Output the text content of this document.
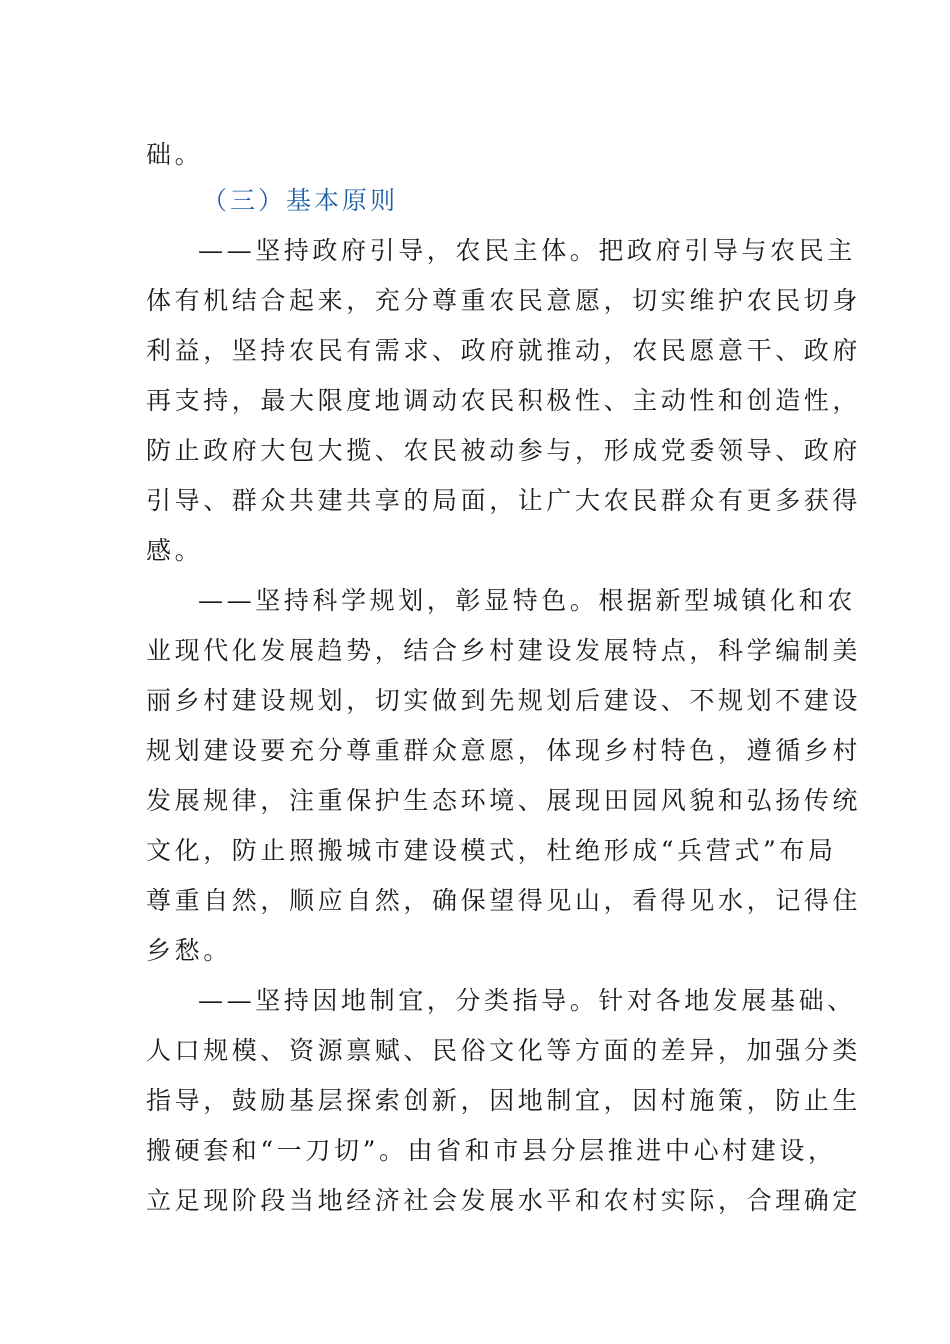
础。
（三）基本原则
——坚持政府引导，农民主体。把政府引导与农民主
体有机结合起来，充分尊重农民意愿，切实维护农民切身
利益，坚持农民有需求、政府就推动，农民愿意干、政府
再支持，最大限度地调动农民积极性、主动性和创造性，
防止政府大包大揽、农民被动参与，形成党委领导、政府
引导、群众共建共享的局面，让广大农民群众有更多获得
感。
——坚持科学规划，彰显特色。根据新型城镇化和农
业现代化发展趋势，结合乡村建设发展特点，科学编制美
丽乡村建设规划，切实做到先规划后建设、不规划不建设
规划建设要充分尊重群众意愿，体现乡村特色，遵循乡村
发展规律，注重保护生态环境、展现田园风貌和弘扬传统
文化，防止照搬城市建设模式，杜绝形成“兵营式”布局
尊重自然，顺应自然，确保望得见山，看得见水，记得住
乡愁。
——坚持因地制宜，分类指导。针对各地发展基础、
人口规模、资源禀赋、民俗文化等方面的差异，加强分类
指导，鼓励基层探索创新，因地制宜，因村施策，防止生
搬硬套和“一刀切”。由省和市县分层推进中心村建设，
立足现阶段当地经济社会发展水平和农村实际，合理确定
